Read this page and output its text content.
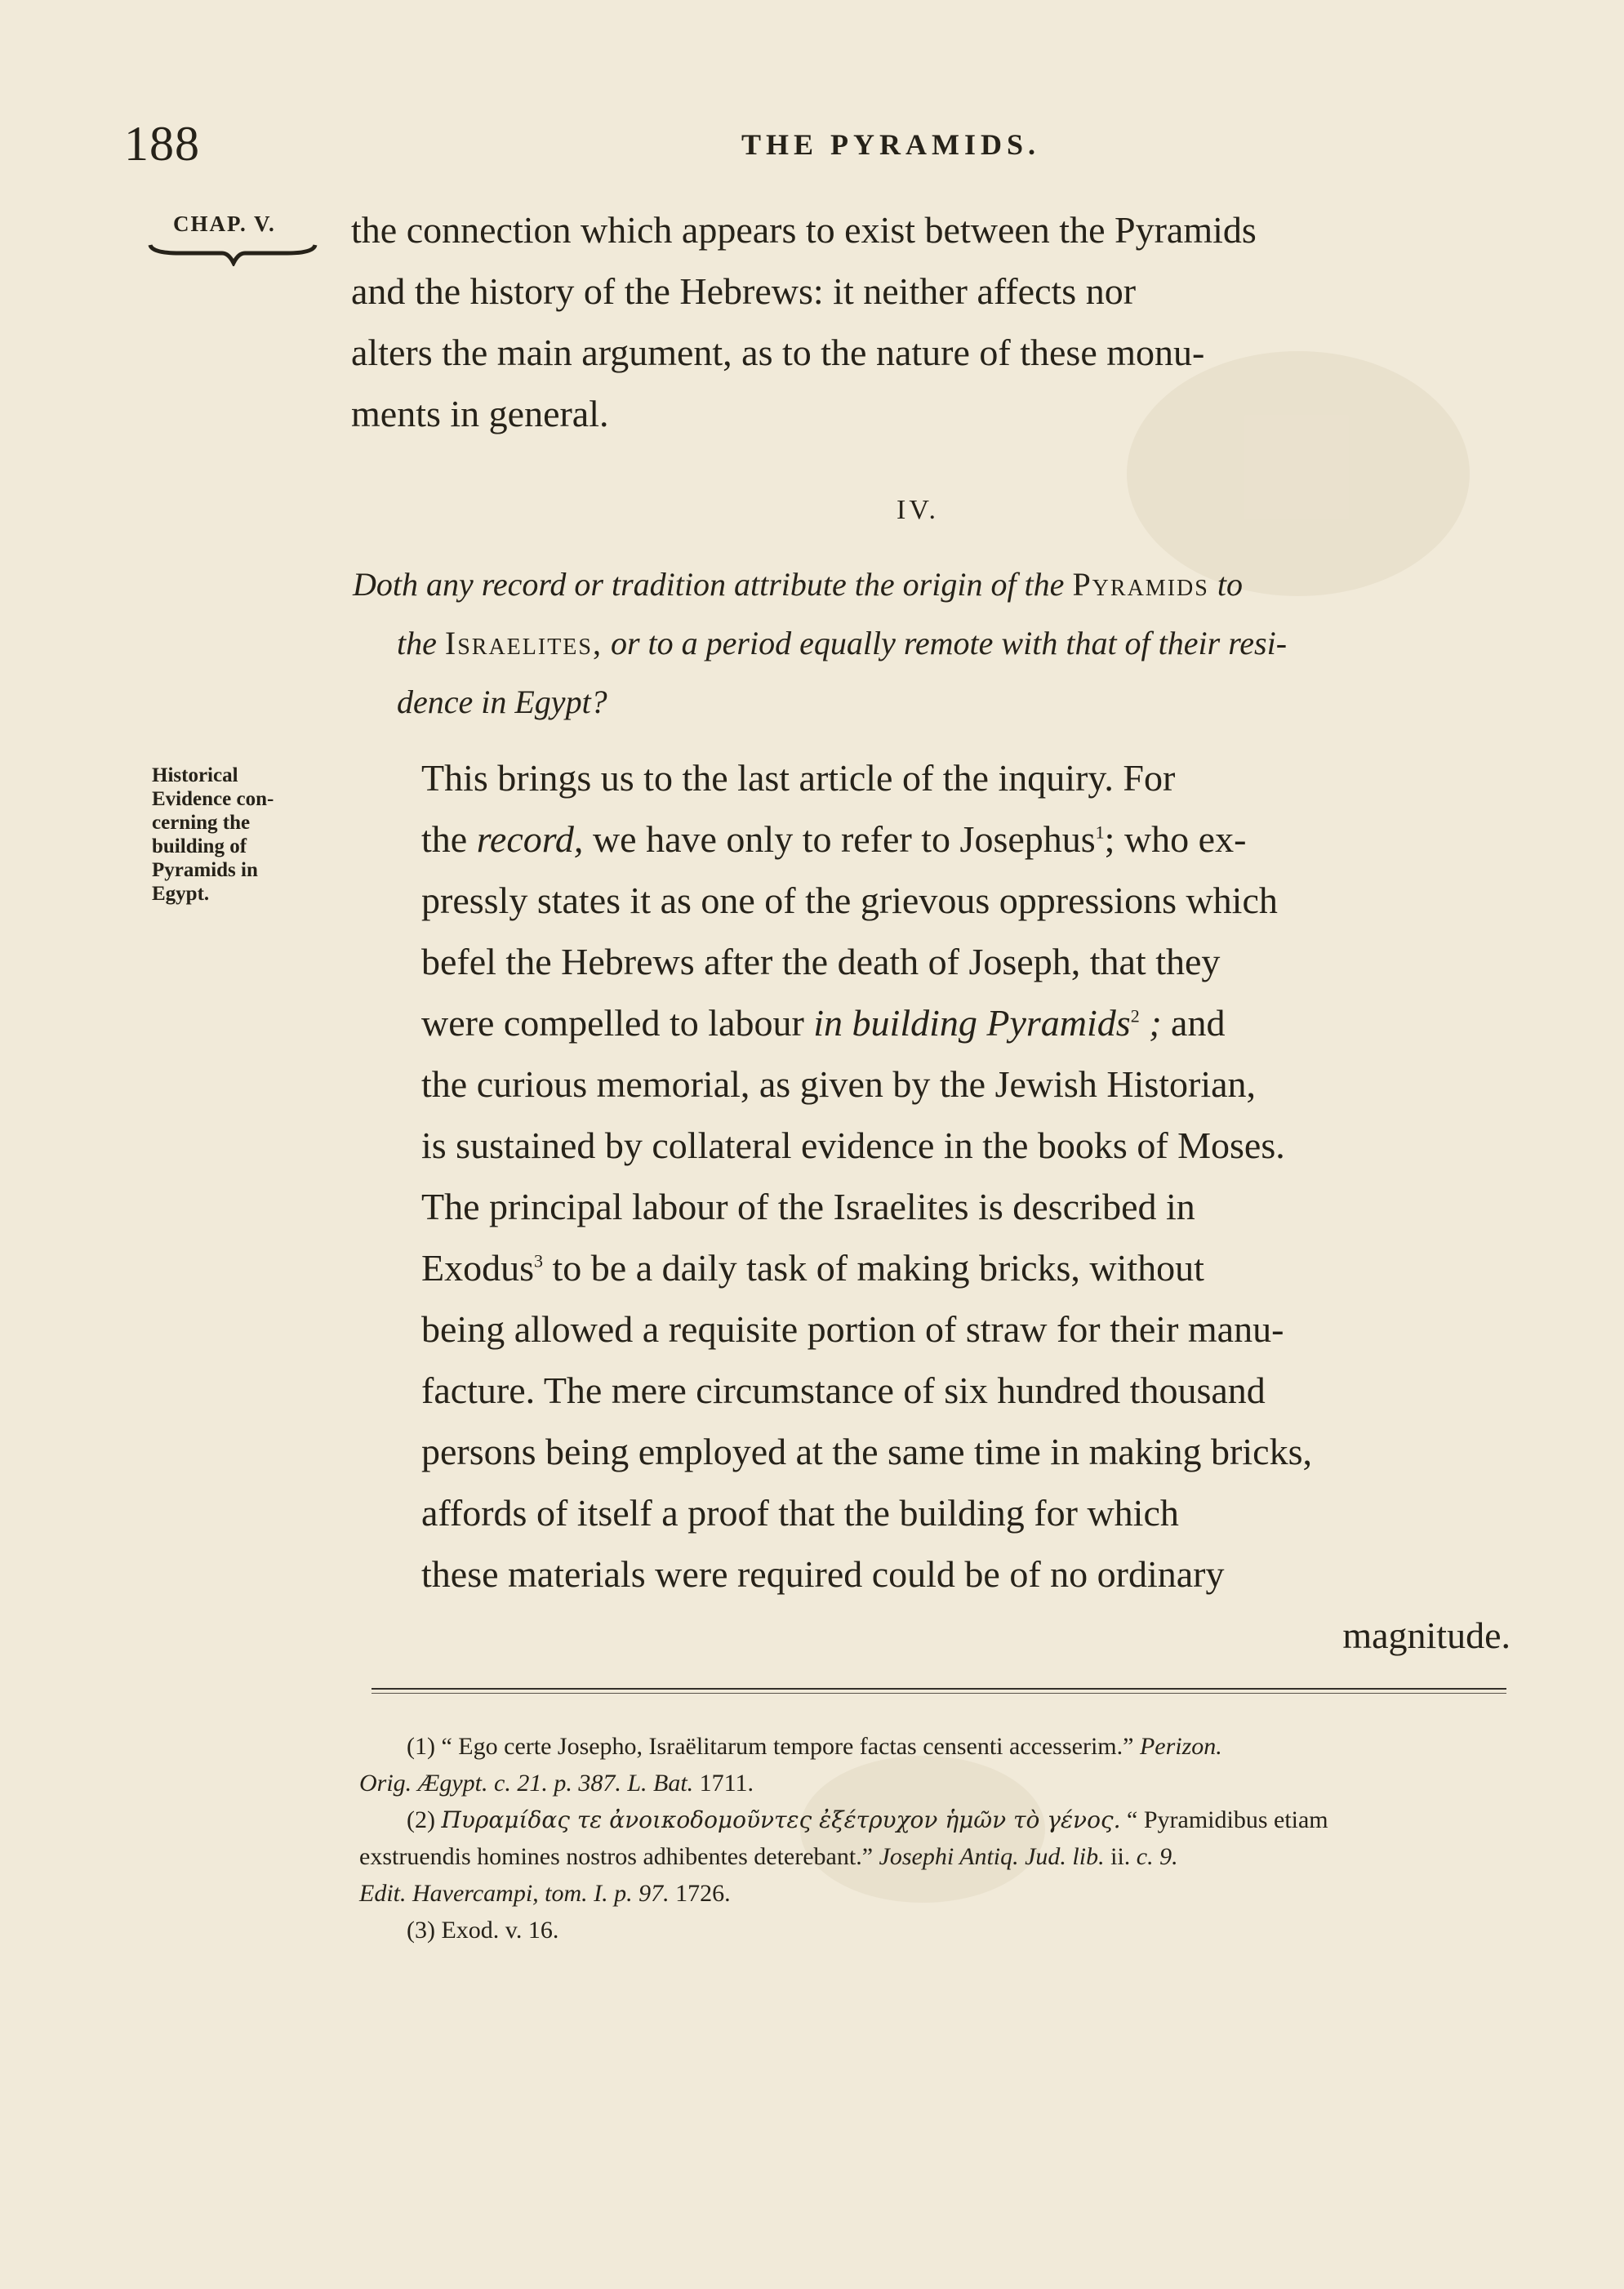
188	THE PYRAMIDS.
CHAP. V. the connection which appears to exist between the Pyramids
and the history of the Hebrews: it neither affects nor
alters the main argument, as to the nature of these monu-
ments in general.
IV.
Doth any record or tradition attribute the origin of the Pyramids to
the Israelites, or to a period equally remote with that of their resi-
dence in Egypt?
Historical
Evidence con-
cerning the
building of
Pyramids in
Egypt.
This brings us to the last article of the inquiry. For
the record, we have only to refer to Josephus$^1$; who ex-
pressly states it as one of the grievous oppressions which
befel the Hebrews after the death of Joseph, that they
were compelled to labour in building Pyramids$^2$ ; and
the curious memorial, as given by the Jewish Historian,
is sustained by collateral evidence in the books of Moses.
The principal labour of the Israelites is described in
Exodus$^3$ to be a daily task of making bricks, without
being allowed a requisite portion of straw for their manu-
facture. The mere circumstance of six hundred thousand
persons being employed at the same time in making bricks,
affords of itself a proof that the building for which
these materials were required could be of no ordinary
magnitude.
(1) “ Ego certe Josepho, Israëlitarum tempore factas censenti accesserim.” Perizon.
Orig. Ægypt. c. 21. p. 387. L. Bat. 1711.
(2) Πυραμίδας τε ἀνοικοδομοῦντες ἐξέτρυχον ἡμῶν τὸ γένος. “ Pyramidibus etiam
exstruendis homines nostros adhibentes deterebant.” Josephi Antiq. Jud. lib. ii. c. 9.
Edit. Havercampi, tom. I. p. 97. 1726.
(3) Exod. v. 16.
